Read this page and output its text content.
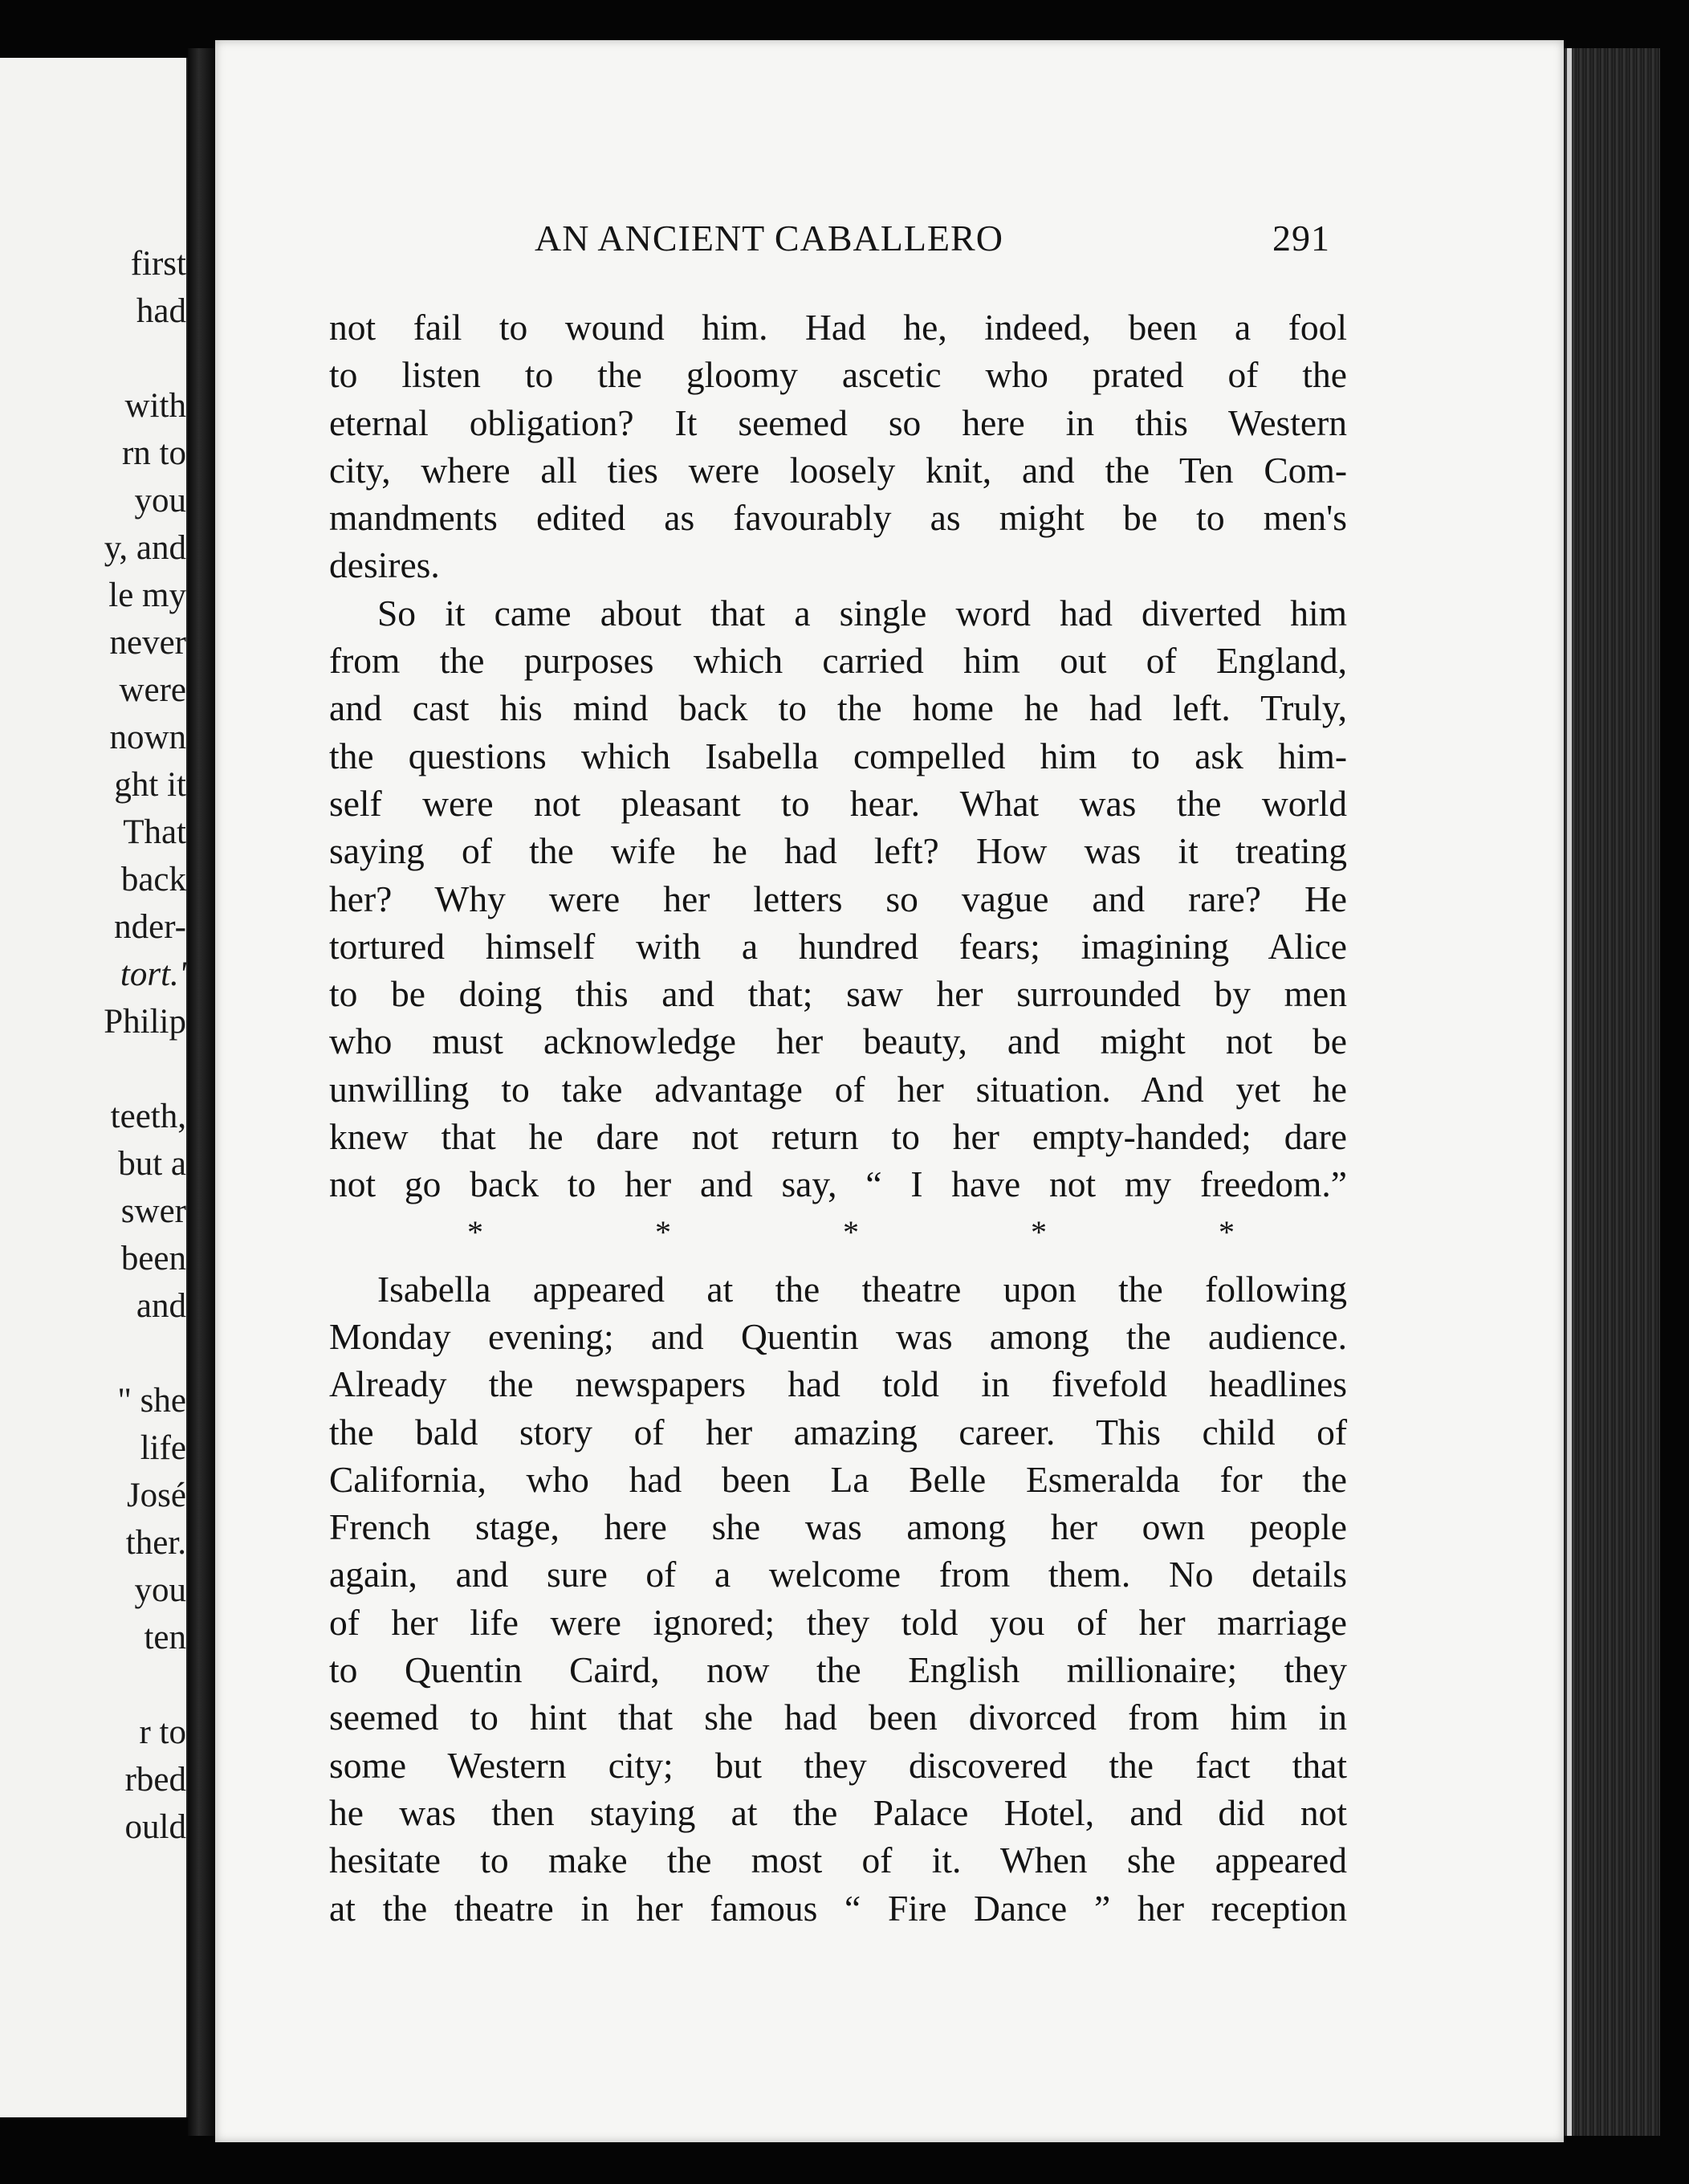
first
had
with
rn to
you
y, and
le my
never
were
nown
ght it
That
back
nder-
tort.'
Philip
teeth,
but a
swer
been
and
" she
life
José
ther.
you
ten
r to
rbed
ould
AN ANCIENT CABALLERO	291
not fail to wound him. Had he, indeed, been a fool
to listen to the gloomy ascetic who prated of the
eternal obligation? It seemed so here in this Western
city, where all ties were loosely knit, and the Ten Com-
mandments edited as favourably as might be to men's
desires.
So it came about that a single word had diverted him
from the purposes which carried him out of England,
and cast his mind back to the home he had left. Truly,
the questions which Isabella compelled him to ask him-
self were not pleasant to hear. What was the world
saying of the wife he had left? How was it treating
her? Why were her letters so vague and rare? He
tortured himself with a hundred fears; imagining Alice
to be doing this and that; saw her surrounded by men
who must acknowledge her beauty, and might not be
unwilling to take advantage of her situation. And yet he
knew that he dare not return to her empty-handed; dare
not go back to her and say, “ I have not my freedom.”
*	*	*	*	*
Isabella appeared at the theatre upon the following
Monday evening; and Quentin was among the audience.
Already the newspapers had told in fivefold headlines
the bald story of her amazing career. This child of
California, who had been La Belle Esmeralda for the
French stage, here she was among her own people
again, and sure of a welcome from them. No details
of her life were ignored; they told you of her marriage
to Quentin Caird, now the English millionaire; they
seemed to hint that she had been divorced from him in
some Western city; but they discovered the fact that
he was then staying at the Palace Hotel, and did not
hesitate to make the most of it. When she appeared
at the theatre in her famous “ Fire Dance ” her reception
